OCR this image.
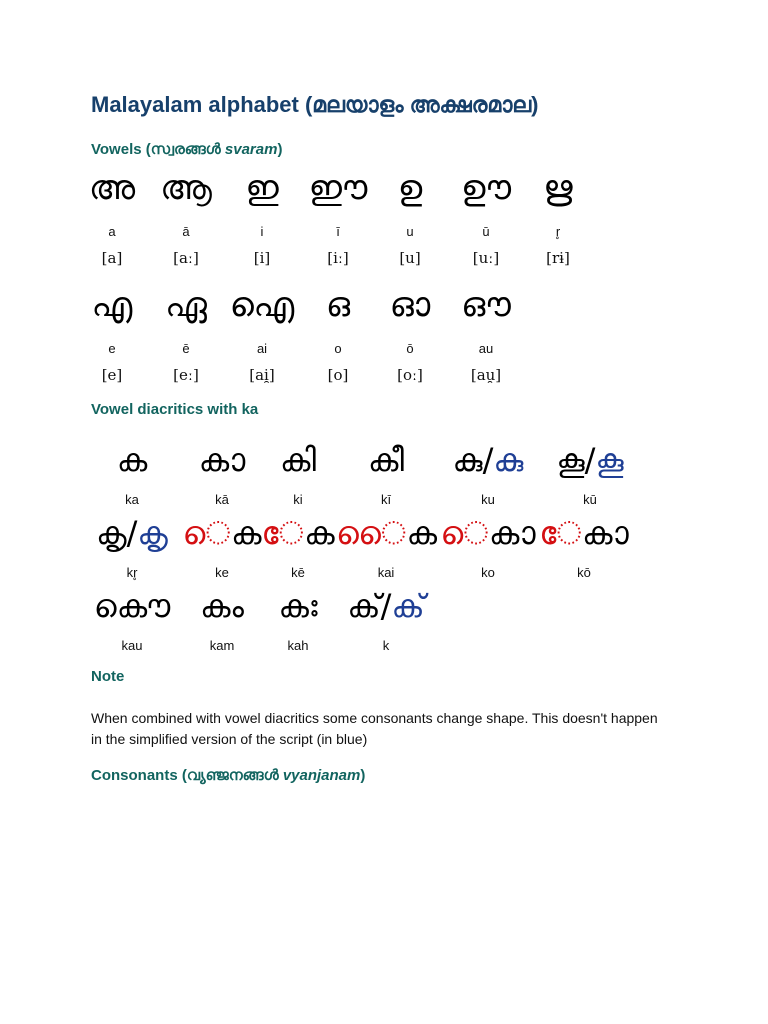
Malayalam alphabet (മലയാളം അക്ഷരമാല)
Vowels (സ്വരങ്ങൾ svaram)
അ
a
[a]
ആ
ā
[aː]
ഇ
i
[i]
ഈ
ī
[iː]
ഉ
u
[u]
ഊ
ū
[uː]
ഋ
r̥
[rɨ]
എ
e
[e]
ഏ
ē
[eː]
ഐ
ai
[ai̯]
ഒ
o
[o]
ഓ
ō
[oː]
ഔ
au
[au̯]
Vowel diacritics with ka
ക
ka
ക
kā
ക
ki
ക
kī
കു/ക
ku
കൂ/ക
kū
കൃ/ക
kr̥
െക
ke
േക
kē
ൈക
kai
െക
ko
േക
kō
ക
kau
ക
kam
ക
kah
ക്/ക
k
Note

When combined with vowel diacritics some consonants change shape. This doesn't happen in the simplified version of the script (in blue)

Consonants (വ്യഞ്ജനങ്ങൾ vyanjanam)
